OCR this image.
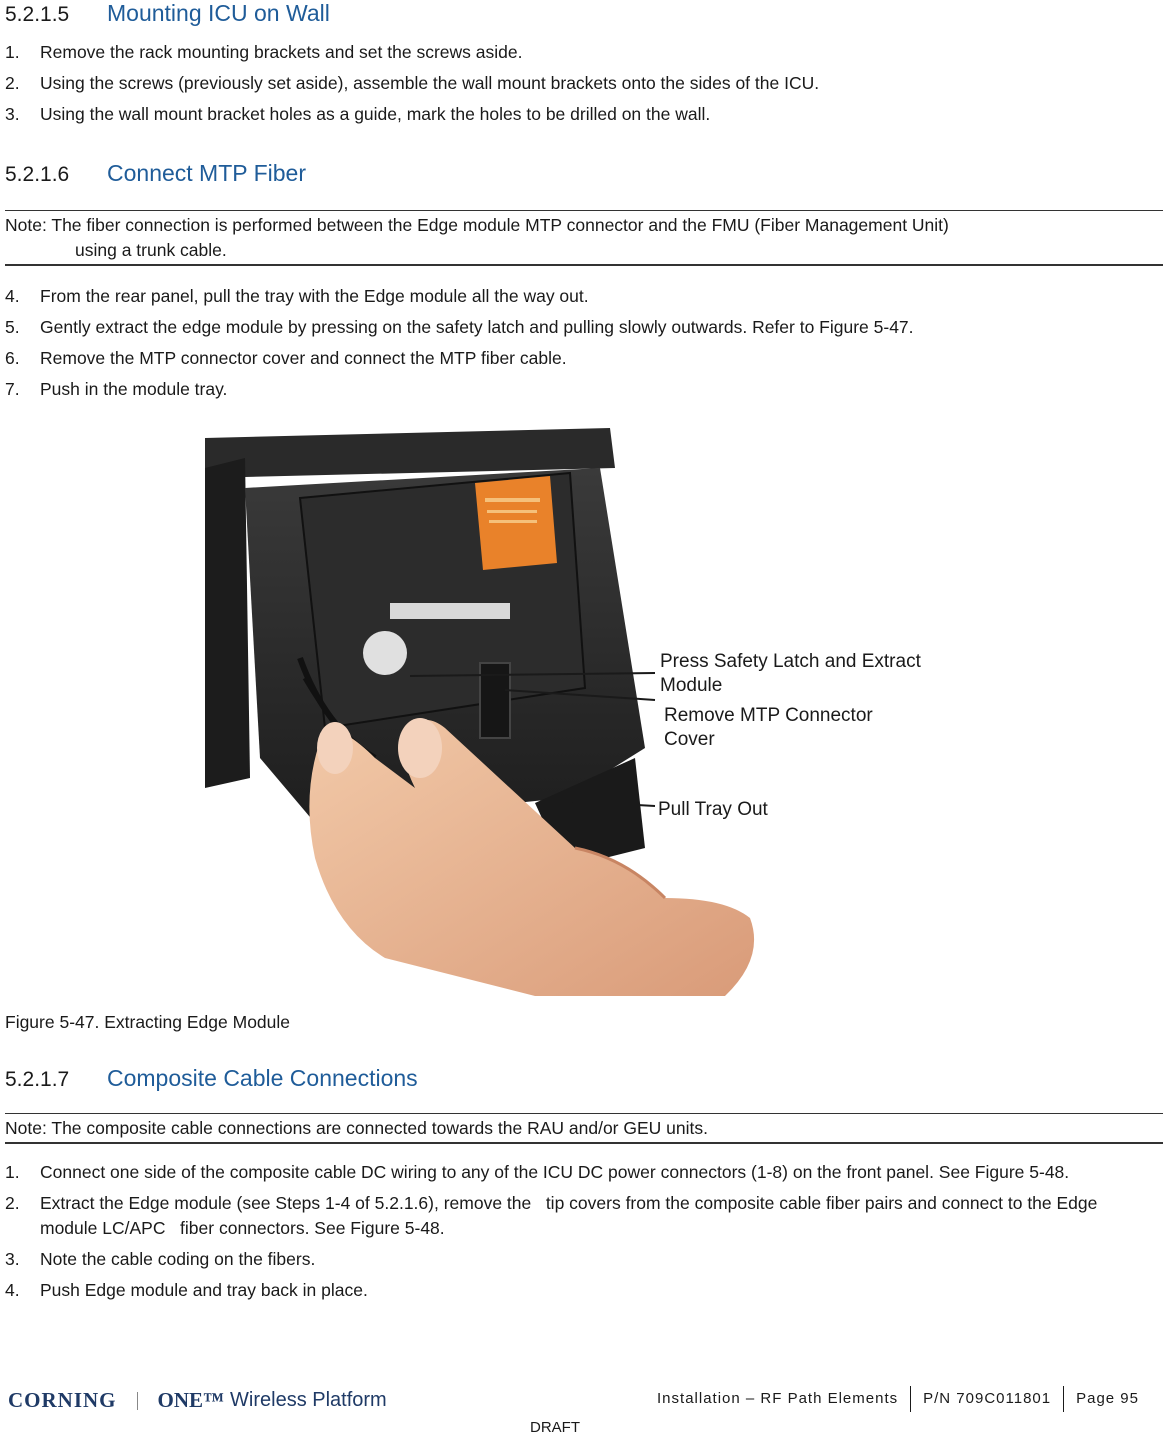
5.2.1.5 Mounting ICU on Wall
1. Remove the rack mounting brackets and set the screws aside.
2. Using the screws (previously set aside), assemble the wall mount brackets onto the sides of the ICU.
3. Using the wall mount bracket holes as a guide, mark the holes to be drilled on the wall.
5.2.1.6 Connect MTP Fiber
Note: The fiber connection is performed between the Edge module MTP connector and the FMU (Fiber Management Unit)
using a trunk cable.
4. From the rear panel, pull the tray with the Edge module all the way out.
5. Gently extract the edge module by pressing on the safety latch and pulling slowly outwards. Refer to Figure 5-47.
6. Remove the MTP connector cover and connect the MTP fiber cable.
7. Push in the module tray.
Press Safety Latch and Extract
Module
Remove MTP Connector
Cover
Pull Tray Out
Figure 5-47. Extracting Edge Module
5.2.1.7 Composite Cable Connections
Note: The composite cable connections are connected towards the RAU and/or GEU units.
1. Connect one side of the composite cable DC wiring to any of the ICU DC power connectors (1-8) on the front panel. See Figure 5-48.
2. Extract the Edge module (see Steps 1-4 of 5.2.1.6), remove the   tip covers from the composite cable fiber pairs and connect to the Edge module LC/APC   fiber connectors. See Figure 5-48.
3. Note the cable coding on the fibers.
4. Push Edge module and tray back in place.
CORNING ONE™ Wireless Platform	Installation – RF Path Elements	P/N 709C011801	Page 95
DRAFT
